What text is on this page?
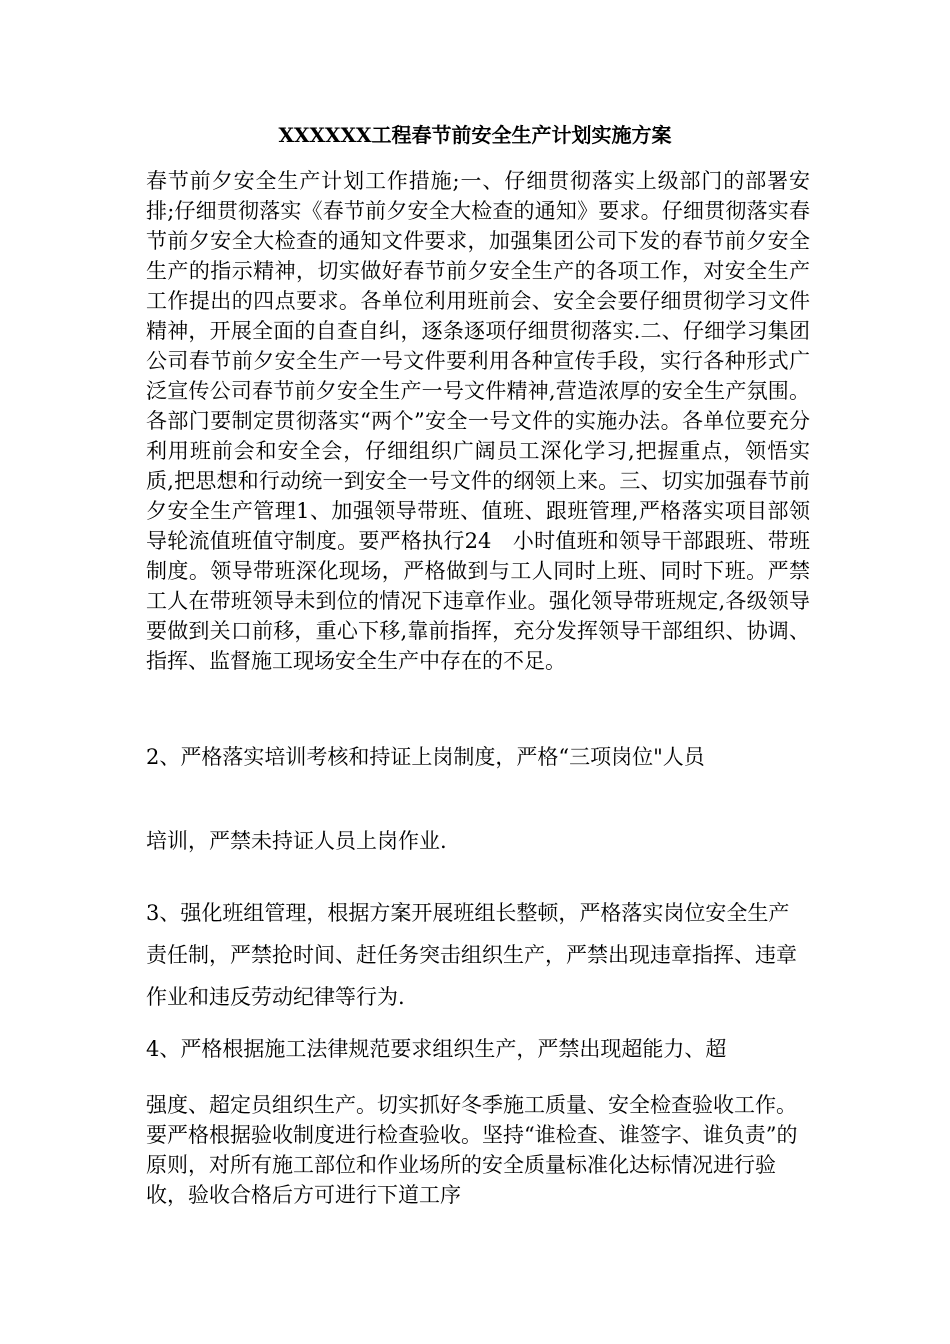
XXXXXX工程春节前安全生产计划实施方案

春节前夕安全生产计划工作措施;一、仔细贯彻落实上级部门的部署安排;仔细贯彻落实《春节前夕安全大检查的通知》要求。仔细贯彻落实春节前夕安全大检查的通知文件要求，加强集团公司下发的春节前夕安全生产的指示精神，切实做好春节前夕安全生产的各项工作，对安全生产工作提出的四点要求。各单位利用班前会、安全会要仔细贯彻学习文件精神，开展全面的自查自纠，逐条逐项仔细贯彻落实.二、仔细学习集团公司春节前夕安全生产一号文件要利用各种宣传手段，实行各种形式广泛宣传公司春节前夕安全生产一号文件精神,营造浓厚的安全生产氛围。各部门要制定贯彻落实“两个”安全一号文件的实施办法。各单位要充分利用班前会和安全会，仔细组织广阔员工深化学习,把握重点，领悟实质,把思想和行动统一到安全一号文件的纲领上来。三、切实加强春节前夕安全生产管理1、加强领导带班、值班、跟班管理,严格落实项目部领导轮流值班值守制度。要严格执行24　小时值班和领导干部跟班、带班制度。领导带班深化现场，严格做到与工人同时上班、同时下班。严禁工人在带班领导未到位的情况下违章作业。强化领导带班规定,各级领导要做到关口前移，重心下移,靠前指挥，充分发挥领导干部组织、协调、指挥、监督施工现场安全生产中存在的不足。

2、严格落实培训考核和持证上岗制度，严格“三项岗位"人员

培训，严禁未持证人员上岗作业.

3、强化班组管理，根据方案开展班组长整顿，严格落实岗位安全生产责任制，严禁抢时间、赶任务突击组织生产，严禁出现违章指挥、违章作业和违反劳动纪律等行为.

4、严格根据施工法律规范要求组织生产，严禁出现超能力、超

强度、超定员组织生产。切实抓好冬季施工质量、安全检查验收工作。要严格根据验收制度进行检查验收。坚持“谁检查、谁签字、谁负责”的原则，对所有施工部位和作业场所的安全质量标准化达标情况进行验收，验收合格后方可进行下道工序
